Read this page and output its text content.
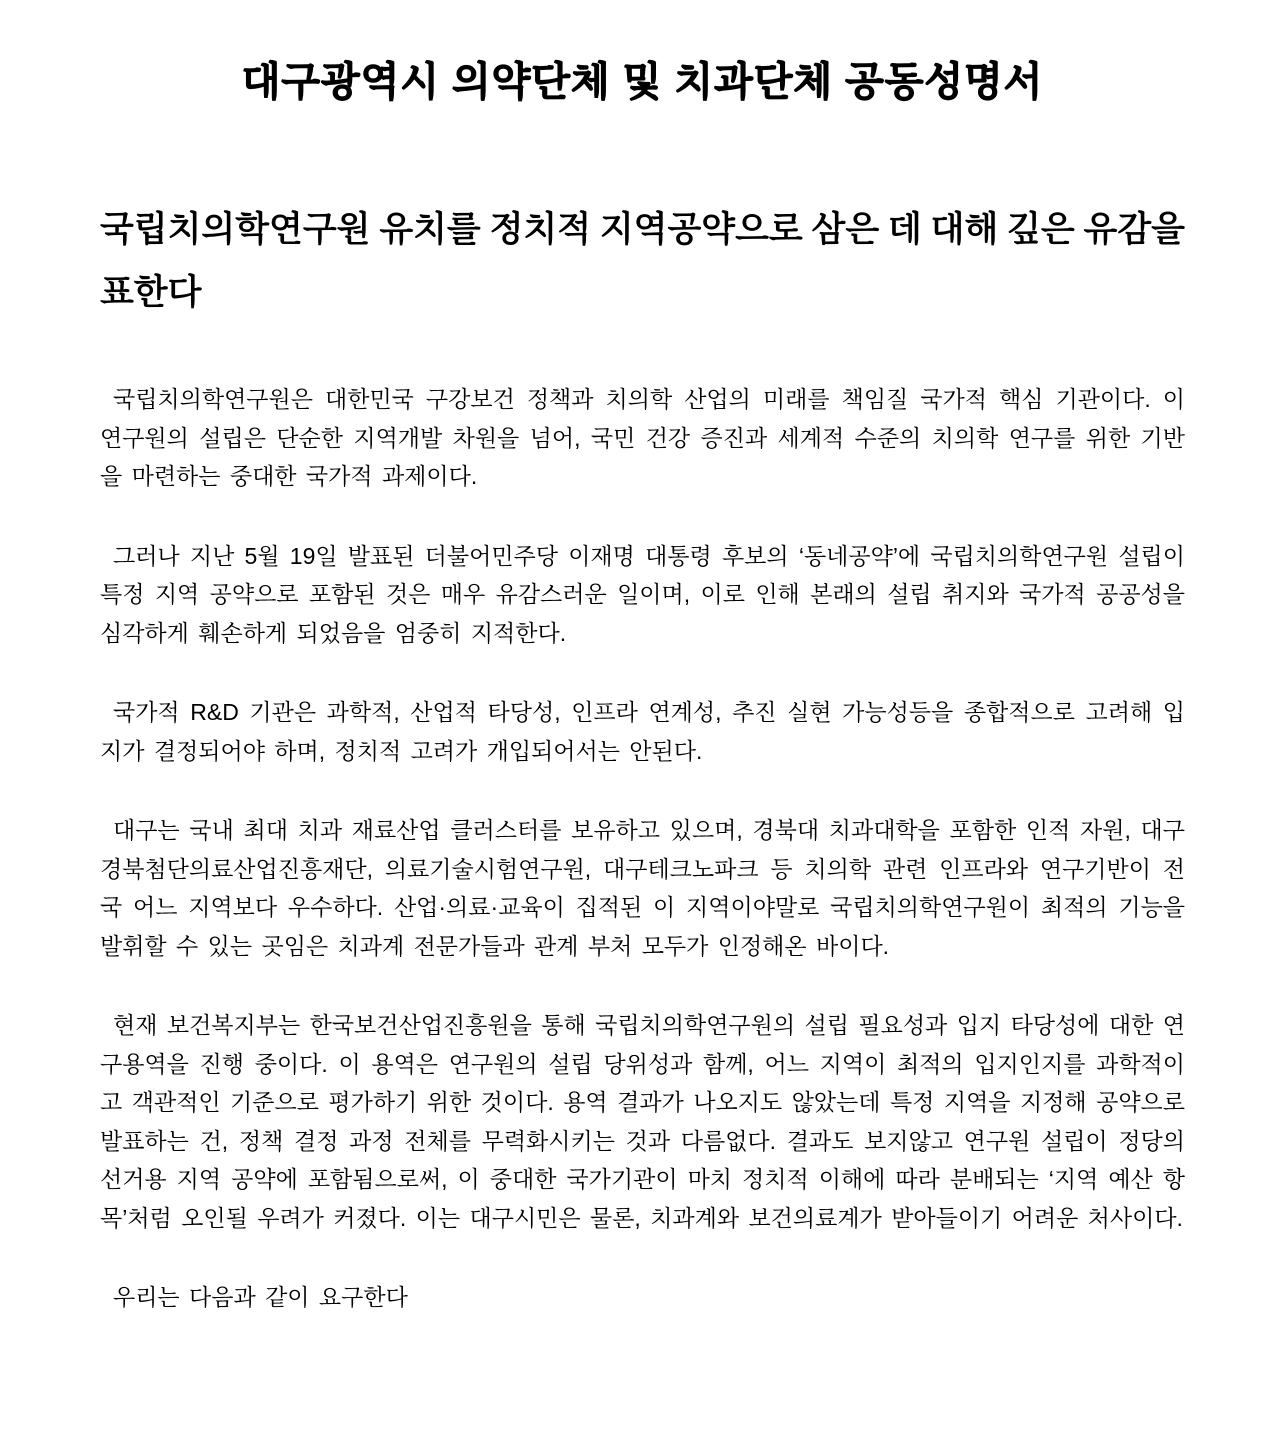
대구광역시 의약단체 및 치과단체 공동성명서
국립치의학연구원 유치를 정치적 지역공약으로 삼은 데 대해 깊은 유감을 표한다

국립치의학연구원은 대한민국 구강보건 정책과 치의학 산업의 미래를 책임질 국가적 핵심 기관이다. 이 연구원의 설립은 단순한 지역개발 차원을 넘어, 국민 건강 증진과 세계적 수준의 치의학 연구를 위한 기반을 마련하는 중대한 국가적 과제이다.

그러나 지난 5월 19일 발표된 더불어민주당 이재명 대통령 후보의 ‘동네공약’에 국립치의학연구원 설립이 특정 지역 공약으로 포함된 것은 매우 유감스러운 일이며, 이로 인해 본래의 설립 취지와 국가적 공공성을 심각하게 훼손하게 되었음을 엄중히 지적한다.

국가적 R&D 기관은 과학적, 산업적 타당성, 인프라 연계성, 추진 실현 가능성등을 종합적으로 고려해 입지가 결정되어야 하며, 정치적 고려가 개입되어서는 안된다.

대구는 국내 최대 치과 재료산업 클러스터를 보유하고 있으며, 경북대 치과대학을 포함한 인적 자원, 대구경북첨단의료산업진흥재단, 의료기술시험연구원, 대구테크노파크 등 치의학 관련 인프라와 연구기반이 전국 어느 지역보다 우수하다. 산업·의료·교육이 집적된 이 지역이야말로 국립치의학연구원이 최적의 기능을 발휘할 수 있는 곳임은 치과계 전문가들과 관계 부처 모두가 인정해온 바이다.

현재 보건복지부는 한국보건산업진흥원을 통해 국립치의학연구원의 설립 필요성과 입지 타당성에 대한 연구용역을 진행 중이다. 이 용역은 연구원의 설립 당위성과 함께, 어느 지역이 최적의 입지인지를 과학적이고 객관적인 기준으로 평가하기 위한 것이다. 용역 결과가 나오지도 않았는데 특정 지역을 지정해 공약으로 발표하는 건, 정책 결정 과정 전체를 무력화시키는 것과 다름없다. 결과도 보지않고 연구원 설립이 정당의 선거용 지역 공약에 포함됨으로써, 이 중대한 국가기관이 마치 정치적 이해에 따라 분배되는 ‘지역 예산 항목’처럼 오인될 우려가 커졌다. 이는 대구시민은 물론, 치과계와 보건의료계가 받아들이기 어려운 처사이다.

우리는 다음과 같이 요구한다
